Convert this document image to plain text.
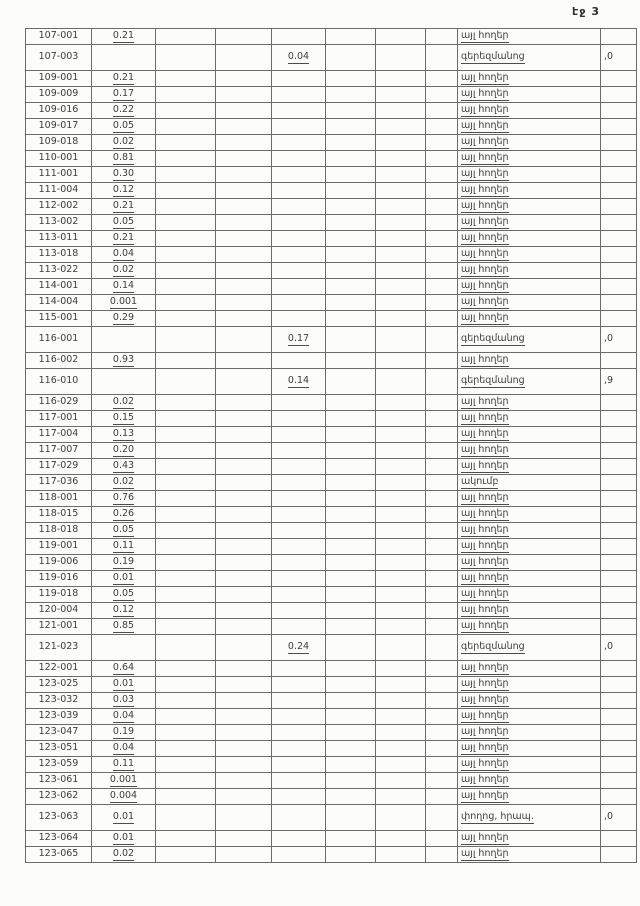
էջ 3
107-001	0.21							այլ հողեր	
107-003				0.04				գերեզմանոց	,0
109-001	0.21							այլ հողեր	
109-009	0.17							այլ հողեր	
109-016	0.22							այլ հողեր	
109-017	0.05							այլ հողեր	
109-018	0.02							այլ հողեր	
110-001	0.81							այլ հողեր	
111-001	0.30							այլ հողեր	
111-004	0.12							այլ հողեր	
112-002	0.21							այլ հողեր	
113-002	0.05							այլ հողեր	
113-011	0.21							այլ հողեր	
113-018	0.04							այլ հողեր	
113-022	0.02							այլ հողեր	
114-001	0.14							այլ հողեր	
114-004	0.001							այլ հողեր	
115-001	0.29							այլ հողեր	
116-001				0.17				գերեզմանոց	,0
116-002	0.93							այլ հողեր	
116-010				0.14				գերեզմանոց	,9
116-029	0.02							այլ հողեր	
117-001	0.15							այլ հողեր	
117-004	0.13							այլ հողեր	
117-007	0.20							այլ հողեր	
117-029	0.43							այլ հողեր	
117-036	0.02							ակումբ	
118-001	0.76							այլ հողեր	
118-015	0.26							այլ հողեր	
118-018	0.05							այլ հողեր	
119-001	0.11							այլ հողեր	
119-006	0.19							այլ հողեր	
119-016	0.01							այլ հողեր	
119-018	0.05							այլ հողեր	
120-004	0.12							այլ հողեր	
121-001	0.85							այլ հողեր	
121-023				0.24				գերեզմանոց	,0
122-001	0.64							այլ հողեր	
123-025	0.01							այլ հողեր	
123-032	0.03							այլ հողեր	
123-039	0.04							այլ հողեր	
123-047	0.19							այլ հողեր	
123-051	0.04							այլ հողեր	
123-059	0.11							այլ հողեր	
123-061	0.001							այլ հողեր	
123-062	0.004							այլ հողեր	
123-063	0.01							փողոց, հրապ.	,0
123-064	0.01							այլ հողեր	
123-065	0.02							այլ հողեր	
